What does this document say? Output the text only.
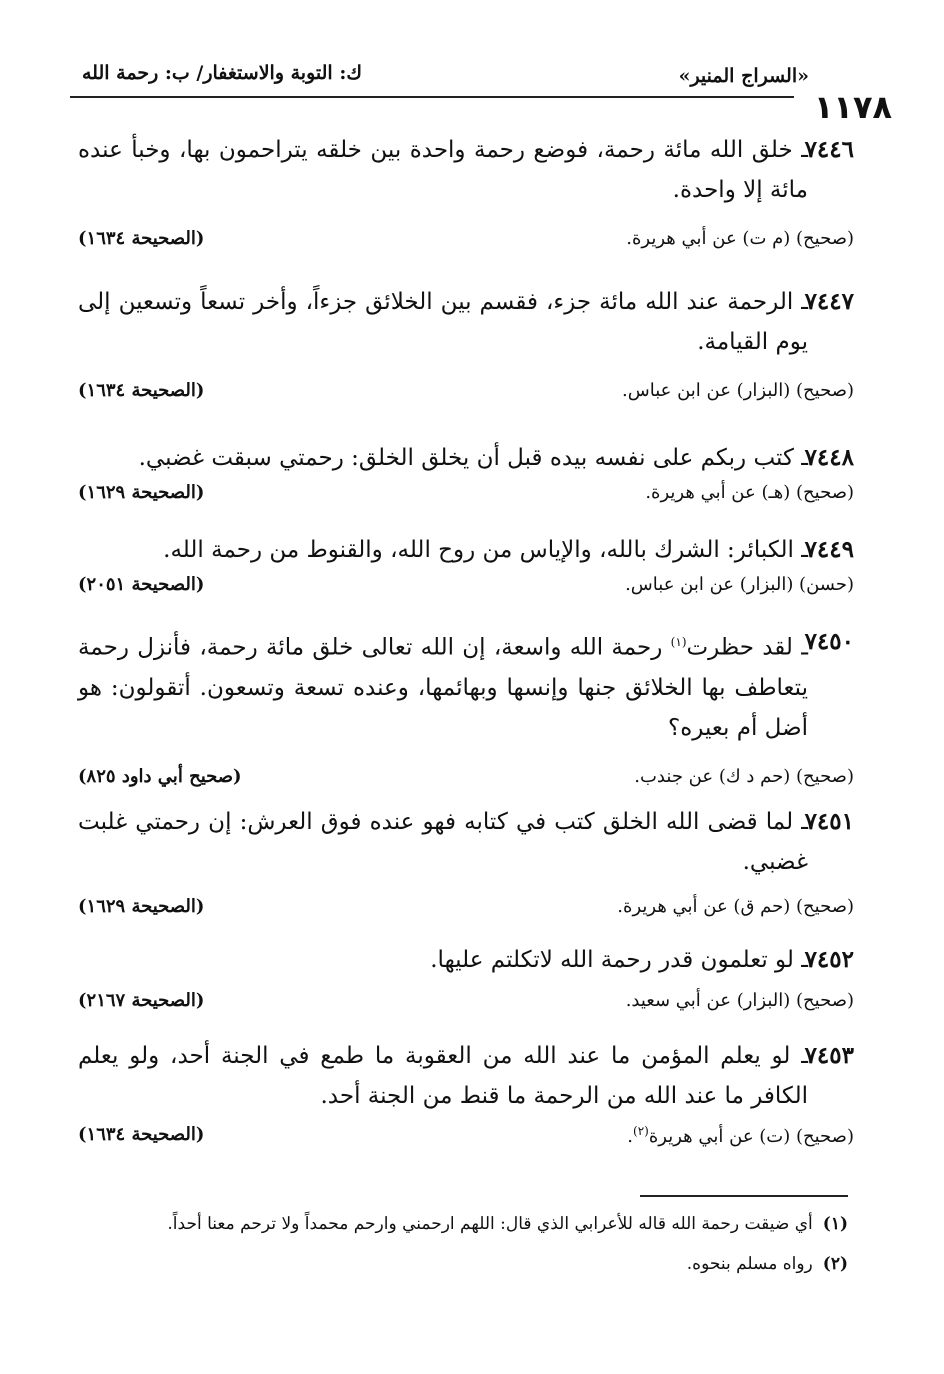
١١٧٨
«السراج المنير»
ك: التوبة والاستغفار/ ب: رحمة الله
٧٤٤٦
ـ خلق الله مائة رحمة، فوضع رحمة واحدة بين خلقه يتراحمون بها، وخبأ عنده مائة إلا واحدة.
(صحيح) (م ت) عن أبي هريرة.
(الصحيحة ١٦٣٤)
٧٤٤٧
ـ الرحمة عند الله مائة جزء، فقسم بين الخلائق جزءاً، وأخر تسعاً وتسعين إلى يوم القيامة.
(صحيح) (البزار) عن ابن عباس.
(الصحيحة ١٦٣٤)
٧٤٤٨
ـ كتب ربكم على نفسه بيده قبل أن يخلق الخلق: رحمتي سبقت غضبي.
(صحيح) (هـ) عن أبي هريرة.
(الصحيحة ١٦٢٩)
٧٤٤٩
ـ الكبائر: الشرك بالله، والإياس من روح الله، والقنوط من رحمة الله.
(حسن) (البزار) عن ابن عباس.
(الصحيحة ٢٠٥١)
٧٤٥٠
ـ لقد حظرت$^{(١)}$ رحمة الله واسعة، إن الله تعالى خلق مائة رحمة، فأنزل رحمة يتعاطف بها الخلائق جنها وإنسها وبهائمها، وعنده تسعة وتسعون. أتقولون: هو أضل أم بعيره؟
(صحيح) (حم د ك) عن جندب.
(صحيح أبي داود ٨٢٥)
٧٤٥١
ـ لما قضى الله الخلق كتب في كتابه فهو عنده فوق العرش: إن رحمتي غلبت غضبي.
(صحيح) (حم ق) عن أبي هريرة.
(الصحيحة ١٦٢٩)
٧٤٥٢
ـ لو تعلمون قدر رحمة الله لاتكلتم عليها.
(صحيح) (البزار) عن أبي سعيد.
(الصحيحة ٢١٦٧)
٧٤٥٣
ـ لو يعلم المؤمن ما عند الله من العقوبة ما طمع في الجنة أحد، ولو يعلم الكافر ما عند الله من الرحمة ما قنط من الجنة أحد.
(صحيح) (ت) عن أبي هريرة$^{(٢)}$.
(الصحيحة ١٦٣٤)
(١)أي ضيقت رحمة الله قاله للأعرابي الذي قال: اللهم ارحمني وارحم محمداً ولا ترحم معنا أحداً.
(٢)رواه مسلم بنحوه.
